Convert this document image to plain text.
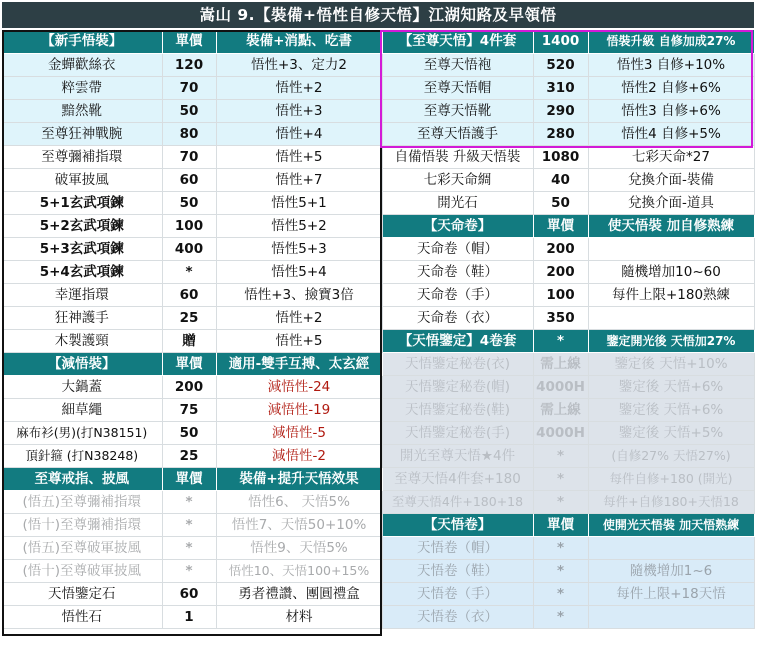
嵩山 9.【裝備+悟性自修天悟】江湖知路及早領悟
【新手悟裝】	單價	裝備+消點、吃書	【至尊天悟】4件套	1400	悟裝升級 自修加成27%
金蟬歡絲衣	120	悟性+3、定力2	至尊天悟袍	520	悟性3 自修+10%
粹雲帶	70	悟性+2	至尊天悟帽	310	悟性2 自修+6%
黯然靴	50	悟性+3	至尊天悟靴	290	悟性3 自修+6%
至尊狂神戰腕	80	悟性+4	至尊天悟護手	280	悟性4 自修+5%
至尊彌補指環	70	悟性+5	自備悟裝 升級天悟裝	1080	七彩天命*27
破軍披風	60	悟性+7	七彩天命綢	40	兌換介面-裝備
5+1玄武項鍊	50	悟性5+1	開光石	50	兌換介面-道具
5+2玄武項鍊	100	悟性5+2	【天命卷】	單價	使天悟裝 加自修熟練
5+3玄武項鍊	400	悟性5+3	天命卷（帽）	200	
5+4玄武項鍊	*	悟性5+4	天命卷（鞋）	200	隨機增加10~60
幸運指環	60	悟性+3、撿寶3倍	天命卷（手）	100	每件上限+180熟練
狂神護手	25	悟性+2	天命卷（衣）	350	
木製護頸	贈	悟性+5	【天悟鑒定】4卷套	*	鑒定開光後 天悟加27%
【減悟裝】	單價	適用-雙手互搏、太玄經	天悟鑒定秘卷(衣)	需上線	鑒定後 天悟+10%
大鍋蓋	200	減悟性-24	天悟鑒定秘卷(帽)	4000H	鑒定後 天悟+6%
細草繩	75	減悟性-19	天悟鑒定秘卷(鞋)	需上線	鑒定後 天悟+6%
麻布衫(男)(打N38151)	50	減悟性-5	天悟鑒定秘卷(手)	4000H	鑒定後 天悟+5%
頂針箍 (打N38248)	25	減悟性-2	開光至尊天悟★4件	*	(自修27% 天悟27%)
至尊戒指、披風	單價	裝備+提升天悟效果	至尊天悟4件套+180	*	每件自修+180 (開光)
(悟五)至尊彌補指環	*	悟性6、 天悟5%	至尊天悟4件+180+18	*	每件+自修180+天悟18
(悟十)至尊彌補指環	*	悟性7、天悟50+10%	【天悟卷】	單價	使開光天悟裝 加天悟熟練
(悟五)至尊破軍披風	*	悟性9、天悟5%	天悟卷（帽）	*	
(悟十)至尊破軍披風	*	悟性10、天悟100+15%	天悟卷（鞋）	*	隨機增加1~6
天悟鑒定石	60	勇者禮讚、團圓禮盒	天悟卷（手）	*	每件上限+18天悟
悟性石	1	材料	天悟卷（衣）	*	
